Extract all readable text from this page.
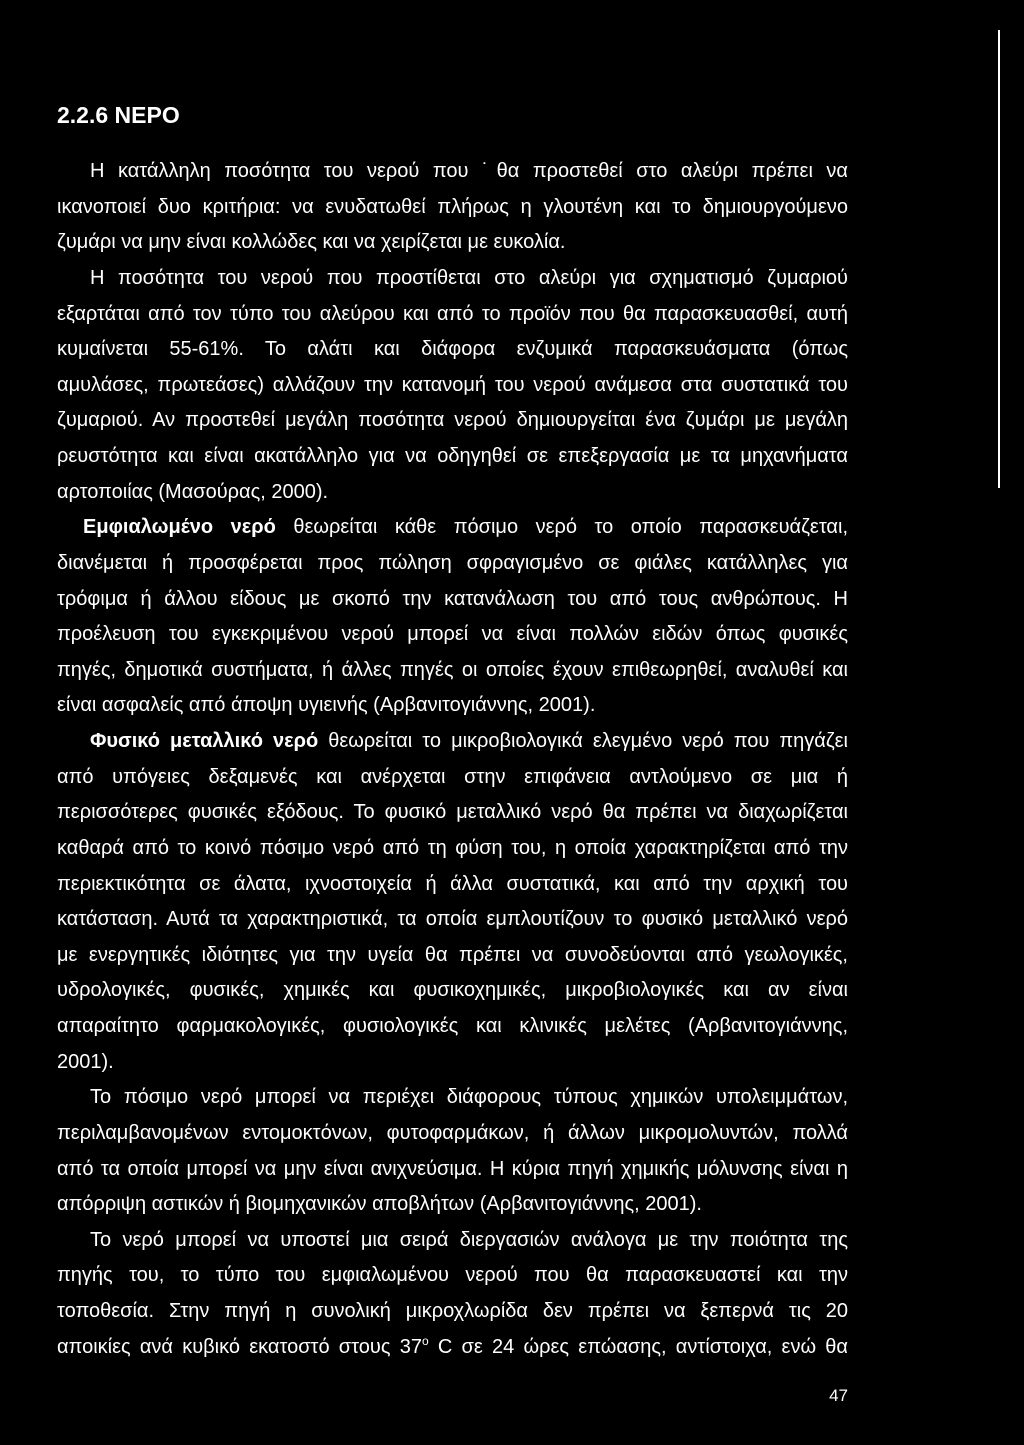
2.2.6 ΝΕΡΟ
Η κατάλληλη ποσότητα του νερού που ˙θα προστεθεί στο αλεύρι πρέπει να
ικανοποιεί δυο κριτήρια: να ενυδατωθεί πλήρως η γλουτένη και το δημιουργούμενο
ζυμάρι να μην είναι κολλώδες και να χειρίζεται με ευκολία.
Η ποσότητα του νερού που προστίθεται στο αλεύρι για σχηματισμό ζυμαριού
εξαρτάται από τον τύπο του αλεύρου και από το προϊόν που θα παρασκευασθεί, αυτή
κυμαίνεται 55-61%. Το αλάτι και διάφορα ενζυμικά παρασκευάσματα (όπως
αμυλάσες, πρωτεάσες) αλλάζουν την κατανομή του νερού ανάμεσα στα συστατικά του
ζυμαριού. Αν προστεθεί μεγάλη ποσότητα νερού δημιουργείται ένα ζυμάρι με μεγάλη
ρευστότητα και είναι ακατάλληλο για να οδηγηθεί σε επεξεργασία με τα μηχανήματα
αρτοποιίας (Μασούρας, 2000).
Εμφιαλωμένο νερό θεωρείται κάθε πόσιμο νερό το οποίο παρασκευάζεται,
διανέμεται ή προσφέρεται προς πώληση σφραγισμένο σε φιάλες κατάλληλες για
τρόφιμα ή άλλου είδους με σκοπό την κατανάλωση του από τους ανθρώπους. Η
προέλευση του εγκεκριμένου νερού μπορεί να είναι πολλών ειδών όπως φυσικές
πηγές, δημοτικά συστήματα, ή άλλες πηγές οι οποίες έχουν επιθεωρηθεί, αναλυθεί και
είναι ασφαλείς από άποψη υγιεινής (Αρβανιτογιάννης, 2001).
Φυσικό μεταλλικό νερό θεωρείται το μικροβιολογικά ελεγμένο νερό που πηγάζει
από υπόγειες δεξαμενές και ανέρχεται στην επιφάνεια αντλούμενο σε μια ή
περισσότερες φυσικές εξόδους. Το φυσικό μεταλλικό νερό θα πρέπει να διαχωρίζεται
καθαρά από το κοινό πόσιμο νερό από τη φύση του, η οποία χαρακτηρίζεται από την
περιεκτικότητα σε άλατα, ιχνοστοιχεία ή άλλα συστατικά, και από την αρχική του
κατάσταση. Αυτά τα χαρακτηριστικά, τα οποία εμπλουτίζουν το φυσικό μεταλλικό νερό
με ενεργητικές ιδιότητες για την υγεία θα πρέπει να συνοδεύονται από γεωλογικές,
υδρολογικές, φυσικές, χημικές και φυσικοχημικές, μικροβιολογικές και αν είναι
απαραίτητο φαρμακολογικές, φυσιολογικές και κλινικές μελέτες (Αρβανιτογιάννης,
2001).
Το πόσιμο νερό μπορεί να περιέχει διάφορους τύπους χημικών υπολειμμάτων,
περιλαμβανομένων εντομοκτόνων, φυτοφαρμάκων, ή άλλων μικρομολυντών, πολλά
από τα οποία μπορεί να μην είναι ανιχνεύσιμα. Η κύρια πηγή χημικής μόλυνσης είναι η
απόρριψη αστικών ή βιομηχανικών αποβλήτων (Αρβανιτογιάννης, 2001).
Το νερό μπορεί να υποστεί μια σειρά διεργασιών ανάλογα με την ποιότητα της
πηγής του, το τύπο του εμφιαλωμένου νερού που θα παρασκευαστεί και την
τοποθεσία. Στην πηγή η συνολική μικροχλωρίδα δεν πρέπει να ξεπερνά τις 20
αποικίες ανά κυβικό εκατοστό στους 37$^o$ C σε 24 ώρες επώασης, αντίστοιχα, ενώ θα
47
